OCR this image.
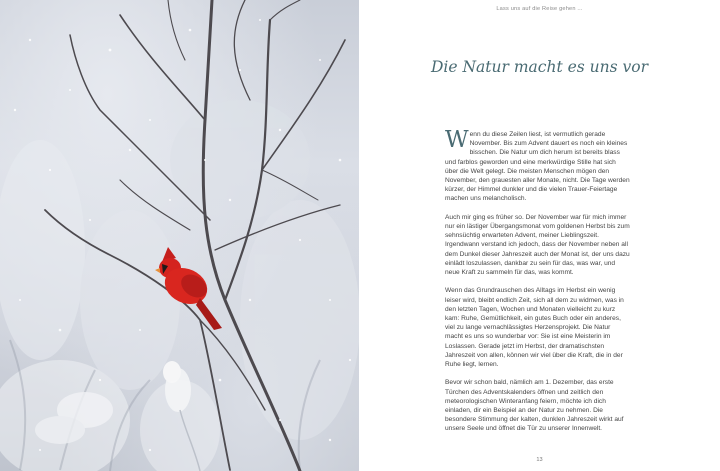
Lass uns auf die Reise gehen ...
Die Natur macht es uns vor

Wenn du diese Zeilen liest, ist vermutlich gerade November. Bis zum Advent dauert es noch ein kleines bisschen. Die Natur um dich herum ist bereits blass und farblos geworden und eine merkwürdige Stille hat sich über die Welt gelegt. Die meisten Menschen mögen den November, den grauesten aller Monate, nicht. Die Tage werden kürzer, der Himmel dunkler und die vielen Trauer-Feiertage machen uns melancholisch.

Auch mir ging es früher so. Der November war für mich immer nur ein lästiger Übergangsmonat vom goldenen Herbst bis zum sehnsüchtig erwarteten Advent, meiner Lieblingszeit. Irgendwann verstand ich jedoch, dass der November neben all dem Dunkel dieser Jahreszeit auch der Monat ist, der uns dazu einlädt loszulassen, dankbar zu sein für das, was war, und neue Kraft zu sammeln für das, was kommt.

Wenn das Grundrauschen des Alltags im Herbst ein wenig leiser wird, bleibt endlich Zeit, sich all dem zu widmen, was in den letzten Tagen, Wochen und Monaten vielleicht zu kurz kam: Ruhe, Gemütlichkeit, ein gutes Buch oder ein anderes, viel zu lange vernachlässigtes Herzensprojekt. Die Natur macht es uns so wunderbar vor: Sie ist eine Meisterin im Loslassen. Gerade jetzt im Herbst, der dramatischsten Jahreszeit von allen, können wir viel über die Kraft, die in der Ruhe liegt, lernen.

Bevor wir schon bald, nämlich am 1. Dezember, das erste Türchen des Adventskalenders öffnen und zeitlich den meteorologischen Winteranfang feiern, möchte ich dich einladen, dir ein Beispiel an der Natur zu nehmen. Die besondere Stimmung der kalten, dunklen Jahreszeit wirkt auf unsere Seele und öffnet die Tür zu unserer Innenwelt.

13
